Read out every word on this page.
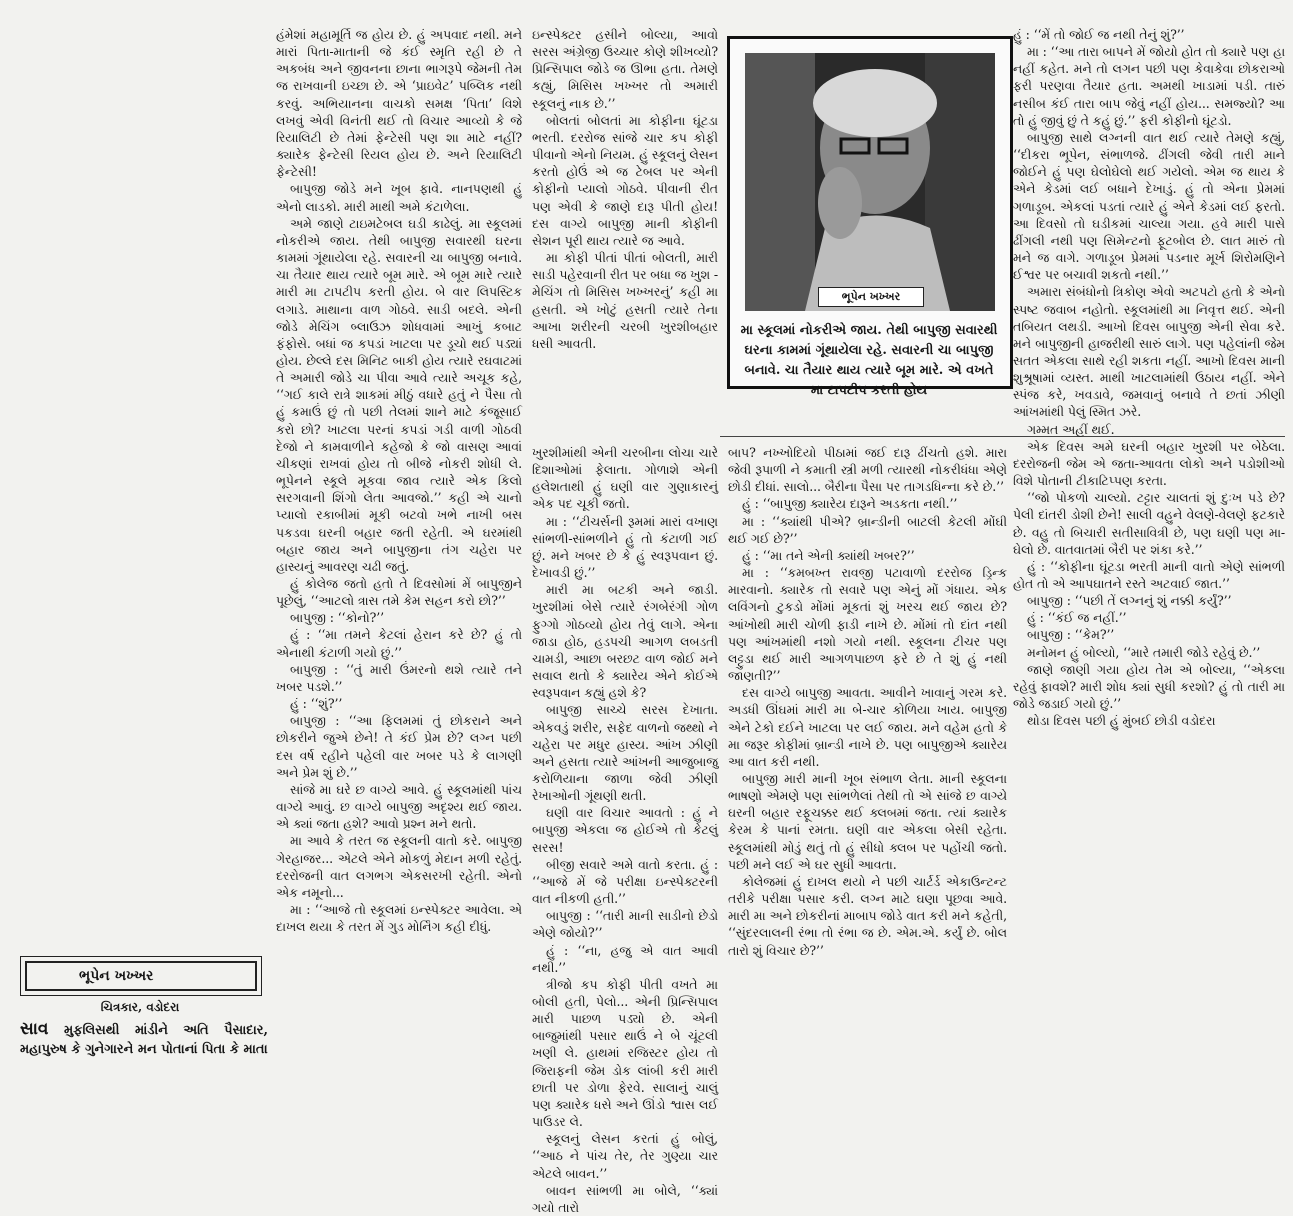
હંમેશાં મહામૂર્તિ જ હોય છે. હું અપવાદ નથી. મને મારાં પિતા-માતાની જે કંઈ સ્મૃતિ રહી છે તે અકબંધ અને જીવનના છાના ભાગરૂપે જેમની તેમ જ રાખવાની ઇચ્છા છે. એ ‘પ્રાઇવેટ’ પબ્લિક નથી કરવું. અભિયાનના વાચકો સમક્ષ ‘પિતા’ વિશે લખવું એવી વિનંતી થઈ તો વિચાર આવ્યો કે જે રિયાલિટી છે તેમાં ફેન્ટેસી પણ શા માટે નહીં? ક્યારેક ફેન્ટેસી રિયલ હોય છે. અને રિયાલિટી ફેન્ટેસી!

બાપુજી જોડે મને ખૂબ ફાવે. નાનપણથી હું એનો લાડકો. મારી માથી અમે કંટાળેલા.

અમે જાણે ટાઇમટેબલ ઘડી કાઢેલું. મા સ્કૂલમાં નોકરીએ જાય. તેથી બાપુજી સવારથી ઘરના કામમાં ગૂંથાયેલા રહે. સવારની ચા બાપુજી બનાવે. ચા તૈયાર થાય ત્યારે બૂમ મારે. એ બૂમ મારે ત્યારે મારી મા ટાપટીપ કરતી હોય. બે વાર લિપસ્ટિક લગાડે. માથાના વાળ ગોઠવે. સાડી બદલે. એની જોડે મેચિંગ બ્લાઉઝ શોધવામાં આખું કબાટ ફંફોસે. બધાં જ કપડાં ખાટલા પર ડૂચો થઈ પડ્યાં હોય. છેલ્લે દસ મિનિટ બાકી હોય ત્યારે રઘવાટમાં તે અમારી જોડે ચા પીવા આવે ત્યારે અચૂક કહે, ‘‘ગઈ કાલે રાત્રે શાકમાં મીઠું વધારે હતું ને પૈસા તો હું કમાઉં છું તો પછી તેલમાં શાને માટે કંજૂસાઈ કરો છો? ખાટલા પરનાં કપડાં ગડી વાળી ગોઠવી દેજો ને કામવાળીને કહેજો કે જો વાસણ આવાં ચીકણાં રાખવાં હોય તો બીજે નોકરી શોધી લે. ભૂપેનને સ્કૂલે મૂકવા જાવ ત્યારે એક કિલો સરગવાની શિંગો લેતા આવજો.’’ કહી એ ચાનો પ્યાલો રકાબીમાં મૂકી બટવો ખભે નાખી બસ પકડવા ઘરની બહાર જતી રહેતી. એ ઘરમાંથી બહાર જાય અને બાપુજીના તંગ ચહેરા પર હાસ્યનું આવરણ ચઢી જતું.

હું કોલેજ જતો હતો તે દિવસોમાં મેં બાપુજીને પૂછેલું, ‘‘આટલો ત્રાસ તમે કેમ સહન કરો છો?’’

બાપુજી : ‘‘કોનો?’’

હું : ‘‘મા તમને કેટલાં હેરાન કરે છે? હું તો એનાથી કંટાળી ગયો છું.’’

બાપુજી : ‘‘તું મારી ઉંમરનો થશે ત્યારે તને ખબર પડશે.’’

હું : ‘‘શું?’’

બાપુજી : ‘‘આ ફિલમમાં તું છોકરાને અને છોકરીને જુએ છેને! તે કંઈ પ્રેમ છે? લગ્ન પછી દસ વર્ષ રહીને પહેલી વાર ખબર પડે કે લાગણી અને પ્રેમ શું છે.’’

સાંજે મા ઘરે છ વાગ્યે આવે. હું સ્કૂલમાંથી પાંચ વાગ્યે આવું. છ વાગ્યે બાપુજી અદૃશ્ય થઈ જાય. એ ક્યાં જતા હશે? આવો પ્રશ્ન મને થતો.

મા આવે કે તરત જ સ્કૂલની વાતો કરે. બાપુજી ગેરહાજર... એટલે એને મોકળું મેદાન મળી રહેતું. દરરોજની વાત લગભગ એકસરખી રહેતી. એનો એક નમૂનો...

મા : ‘‘આજે તો સ્કૂલમાં ઇન્સ્પેક્ટર આવેલા. એ દાખલ થયા કે તરત મેં ગુડ મોર્નિંગ કહી દીધું.

ઇન્સ્પેક્ટર હસીને બોલ્યા, આવો સરસ અંગ્રેજી ઉચ્ચાર કોણે શીખવ્યો? પ્રિન્સિપાલ જોડે જ ઊભા હતા. તેમણે કહ્યું, મિસિસ ખખ્ખર તો અમારી સ્કૂલનું નાક છે.’’

બોલતાં બોલતાં મા કોફીના ઘૂંટડા ભરતી. દરરોજ સાંજે ચાર કપ કોફી પીવાનો એનો નિયમ. હું સ્કૂલનું લેસન કરતો હોઉં એ જ ટેબલ પર એની કોફીનો પ્યાલો ગોઠવે. પીવાની રીત પણ એવી કે જાણે દારૂ પીતી હોય! દસ વાગ્યે બાપુજી માની કોફીની સેશન પૂરી થાય ત્યારે જ આવે.

મા કોફી પીતાં પીતાં બોલતી, મારી સાડી પહેરવાની રીત પર બધા જ ખુશ - મેચિંગ તો મિસિસ ખખ્ખરનું’ કહી મા હસતી. એ ખોટું હસતી ત્યારે તેના આખા શરીરની ચરબી ખુરશીબહાર ધસી આવતી.

ભૂપેન ખખ્ખર
મા સ્કૂલમાં નોકરીએ જાય. તેથી બાપુજી સવારથી ઘરના કામમાં ગૂંથાયેલા રહે. સવારની ચા બાપુજી બનાવે. ચા તૈયાર થાય ત્યારે બૂમ મારે. એ વખતે મા ટાપટીપ કરતી હોય

ખુરશીમાંથી એની ચરબીના લોચા ચારે દિશાઓમાં ફેલાતા. ગોળાશે એની હલેશતાથી હું ઘણી વાર ગુણાકારનું એક પદ ચૂકી જતો.

મા : ‘‘ટીચર્સની રૂમમાં મારાં વખાણ સાંભળી-સાંભળીને હું તો કંટાળી ગઈ છું. મને ખબર છે કે હું સ્વરૂપવાન છું. દેખાવડી છું.’’

મારી મા બટકી અને જાડી. ખુરશીમાં બેસે ત્યારે રંગબેરંગી ગોળ ફુગ્ગો ગોઠવ્યો હોય તેવું લાગે. એના જાડા હોઠ, હડપચી આગળ લબડતી ચામડી, આછા બરછટ વાળ જોઈ મને સવાલ થતો કે ક્યારેય એને કોઈએ સ્વરૂપવાન કહ્યું હશે કે?

બાપુજી સાચ્ચે સરસ દેખાતા. એકવડું શરીર, સફેદ વાળનો જથ્થો ને ચહેરા પર મધુર હાસ્ય. આંખ ઝીણી અને હસતા ત્યારે આંખની આજુબાજુ કરોળિયાના જાળા જેવી ઝીણી રેખાઓની ગૂંથણી થતી.

ઘણી વાર વિચાર આવતો : હું ને બાપુજી એકલા જ હોઈએ તો કેટલું સરસ!

બીજી સવારે અમે વાતો કરતા. હું : ‘‘આજે મેં જે પરીક્ષા ઇન્સ્પેક્ટરની વાત નીકળી હતી.’’

બાપુજી : ‘‘તારી માની સાડીનો છેડો એણે જોયો?’’

હું : ‘‘ના, હજુ એ વાત આવી નથી.’’

ત્રીજો કપ કોફી પીતી વખતે મા બોલી હતી, પેલો... એની પ્રિન્સિપાલ મારી પાછળ પડ્યો છે. એની બાજુમાંથી પસાર થાઉં ને બે ચૂંટલી ખણી લે. હાથમાં રજિસ્ટર હોય તો જિરાફની જેમ ડોક લાંબી કરી મારી છાતી પર ડોળા ફેરવે. સાલાનું ચાલું પણ ક્યારેક ધસે અને ઊંડો શ્વાસ લઈ પાઉડર લે.

સ્કૂલનું લેસન કરતાં હું બોલું, ‘‘આઠ ને પાંચ તેર, તેર ગુણ્યા ચાર એટલે બાવન.’’

બાવન સાંભળી મા બોલે, ‘‘ક્યાં ગયો તારો

બાપ? નખ્ખોદિયો પીઠામાં જઈ દારૂ ઢીંચતો હશે. મારા જેવી રૂપાળી ને કમાતી સ્ત્રી મળી ત્યારથી નોકરીધંધા એણે છોડી દીધાં. સાલો... બૈરીના પૈસા પર તાગડધિન્ના કરે છે.’’

હું : ‘‘બાપુજી ક્યારેય દારૂને અડકતા નથી.’’

મા : ‘‘ક્યાંથી પીએ? બ્રાન્ડીની બાટલી કેટલી મોંઘી થઈ ગઈ છે?’’

હું : ‘‘મા તને એની ક્યાંથી ખબર?’’

મા : ‘‘કમબખ્ત રાવજી પટાવાળો દરરોજ ડ્રિન્ક મારવાનો. ક્યારેક તો સવારે પણ એનું મોં ગંધાય. એક લવિંગનો ટુકડો મોંમાં મૂકતાં શું ખરચ થઈ જાય છે? આંખોથી મારી ચોળી ફાડી નાખે છે. મોંમાં તો દાંત નથી પણ આંખમાંથી નશો ગયો નથી. સ્કૂલના ટીચર પણ લટ્ટુડા થઈ મારી આગળપાછળ ફરે છે તે શું હું નથી જાણતી?’’

દસ વાગ્યે બાપુજી આવતા. આવીને ખાવાનું ગરમ કરે. અડધી ઊંઘમાં મારી મા બે-ચાર કોળિયા ખાય. બાપુજી એને ટેકો દઈને ખાટલા પર લઈ જાય. મને વહેમ હતો કે મા જરૂર કોફીમાં બ્રાન્ડી નાખે છે. પણ બાપુજીએ ક્યારેય આ વાત કરી નથી.

બાપુજી મારી માની ખૂબ સંભાળ લેતા. માની સ્કૂલના ભાષણો એમણે પણ સાંભળેલાં તેથી તો એ સાંજે છ વાગ્યે ઘરની બહાર રફૂચક્કર થઈ ક્લબમાં જતા. ત્યાં ક્યારેક કેરમ કે પાનાં રમતા. ઘણી વાર એકલા બેસી રહેતા. સ્કૂલમાંથી મોડું થતું તો હું સીધો ક્લબ પર પહોંચી જતો. પછી મને લઈ એ ઘર સુધી આવતા.

કોલેજમાં હું દાખલ થયો ને પછી ચાર્ટર્ડ એકાઉન્ટન્ટ તરીકે પરીક્ષા પસાર કરી. લગ્ન માટે ઘણા પૂછવા આવે. મારી મા અને છોકરીનાં માબાપ જોડે વાત કરી મને કહેતી, ‘‘સુંદરલાલની રંભા તો રંભા જ છે. એમ.એ. કર્યું છે. બોલ તારો શું વિચાર છે?’’

હું : ‘‘મેં તો જોઈ જ નથી તેનું શું?’’

મા : ‘‘આ તારા બાપને મેં જોયો હોત તો ક્યારે પણ હા નહીં કહેત. મને તો લગન પછી પણ કેવાકેવા છોકરાઓ ફરી પરણવા તૈયાર હતા. અમથી ખાડામાં પડી. તારું નસીબ કંઈ તારા બાપ જેવું નહીં હોય... સમજ્યો? આ તો હું જીવું છું તે કહું છું.’’ ફરી કોફીનો ઘૂંટડો.

બાપુજી સાથે લગ્નની વાત થઈ ત્યારે તેમણે કહ્યું, ‘‘દીકરા ભૂપેન, સંભાળજે. ઢીંગલી જેવી તારી માને જોઈને હું પણ ઘેલોઘેલો થઈ ગયેલો. એમ જ થાય કે એને કેડમાં લઈ બધાને દેખાડું. હું તો એના પ્રેમમાં ગળાડૂબ. એકલાં પડતાં ત્યારે હું એને કેડમાં લઈ ફરતો. આ દિવસો તો ઘડીકમાં ચાલ્યા ગયા. હવે મારી પાસે ઢીંગલી નથી પણ સિમેન્ટનો ફૂટબોલ છે. લાત મારું તો મને જ વાગે. ગળાડૂબ પ્રેમમાં પડનાર મૂર્ખ શિરોમણિને ઈશ્વર પર બચાવી શકતો નથી.’’

અમારા સંબંધોનો ત્રિકોણ એવો અટપટો હતો કે એનો સ્પષ્ટ જવાબ નહોતો. સ્કૂલમાંથી મા નિવૃત્ત થઈ. એની તબિયત લથડી. આખો દિવસ બાપુજી એની સેવા કરે. મને બાપુજીની હાજરીથી સારું લાગે. પણ પહેલાંની જેમ સતત એકલા સાથે રહી શકતા નહીં. આખો દિવસ માની શુશ્રૂષામાં વ્યસ્ત. માથી ખાટલામાંથી ઉઠાય નહીં. એને સ્પંજ કરે, ખવડાવે, જમવાનું બનાવે તે છતાં ઝીણી આંખમાંથી પેલું સ્મિત ઝરે.

ગમ્મત અહીં થઈ.

એક દિવસ અમે ઘરની બહાર ખુરશી પર બેઠેલા. દરરોજની જેમ એ જતા-આવતા લોકો અને પડોશીઓ વિશે પોતાની ટીકાટિપ્પણ કરતા.

‘‘જો પોકળો ચાલ્યો. ટટ્ટાર ચાલતાં શું દુઃખ પડે છે? પેલી દાંતરી ડોશી છેને! સાલી વહુને વેલણે-વેલણે ફટકારે છે. વહુ તો બિચારી સતીસાવિત્રી છે, પણ ઘણી પણ મા-ઘેલો છે. વાતવાતમાં બૈરી પર શંકા કરે.’’

હું : ‘‘કોફીના ઘૂંટડા ભરતી માની વાતો એણે સાંભળી હોત તો એ આપઘાતને રસ્તે અટવાઈ જાત.’’

બાપુજી : ‘‘પછી તેં લગ્નનું શું નક્કી કર્યું?’’

હું : ‘‘કંઈ જ નહીં.’’

બાપુજી : ‘‘કેમ?’’

મનોમન હું બોલ્યો, ‘‘મારે તમારી જોડે રહેવું છે.’’

જાણે જાણી ગયા હોય તેમ એ બોલ્યા, ‘‘એકલા રહેવું ફાવશે? મારી શોધ ક્યાં સુધી કરશો? હું તો તારી મા જોડે જડાઈ ગયો છું.’’

થોડા દિવસ પછી હું મુંબઈ છોડી વડોદરા

ભૂપેન ખખ્ખર
ચિત્રકાર, વડોદરા
સાવ મુફલિસથી માંડીને અતિ પૈસાદાર, મહાપુરુષ કે ગુનેગારને મન પોતાનાં પિતા કે માતા
